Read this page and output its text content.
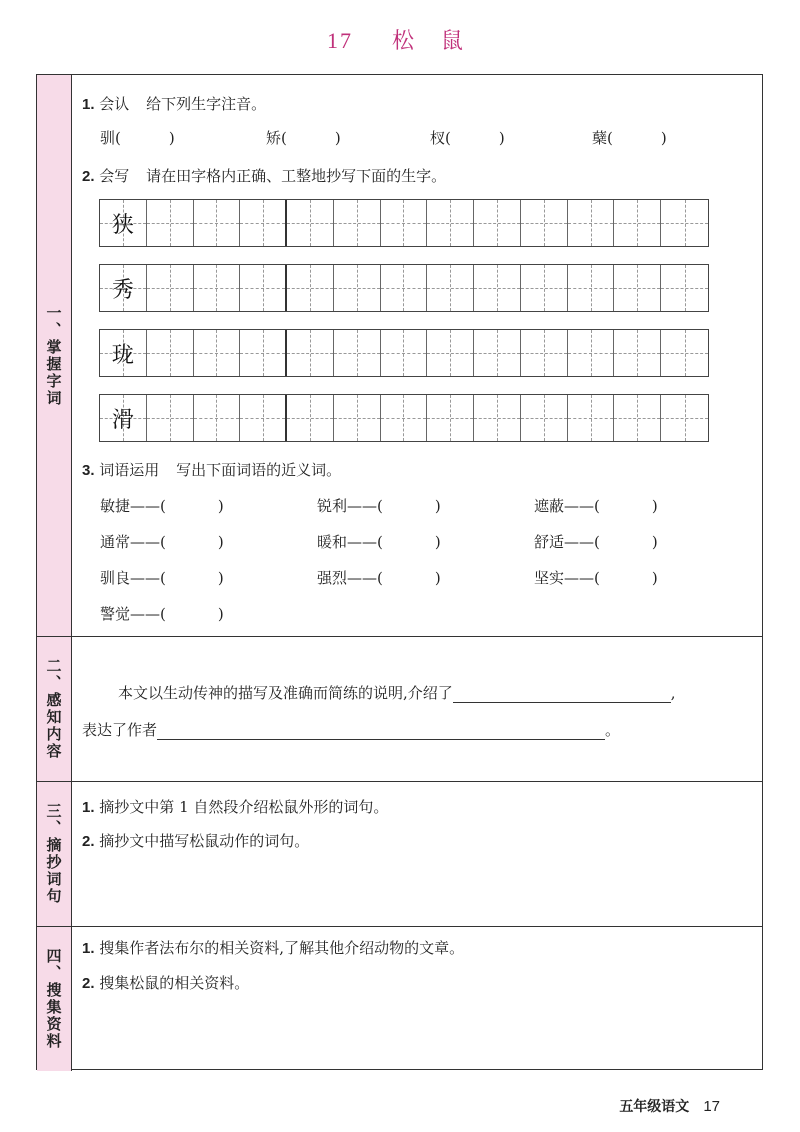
17 松 鼠
一、掌握字词
1. 会认 给下列生字注音。
驯(	)	矫(	)	杈(	)	蘖(	)
2. 会写 请在田字格内正确、工整地抄写下面的生字。
狭
秀
珑
滑
3. 词语运用 写出下面词语的近义词。
敏捷——(	)	锐利——(	)	遮蔽——(	)
通常——(	)	暖和——(	)	舒适——(	)
驯良——(	)	强烈——(	)	坚实——(	)
警觉——(	)
二、感知内容	本文以生动传神的描写及准确而简练的说明,介绍了	,
表达了作者	。
三、摘抄词句 1. 摘抄文中第 1 自然段介绍松鼠外形的词句。
2. 摘抄文中描写松鼠动作的词句。
四、搜集资料 1. 搜集作者法布尔的相关资料,了解其他介绍动物的文章。
2. 搜集松鼠的相关资料。
五年级语文 17
